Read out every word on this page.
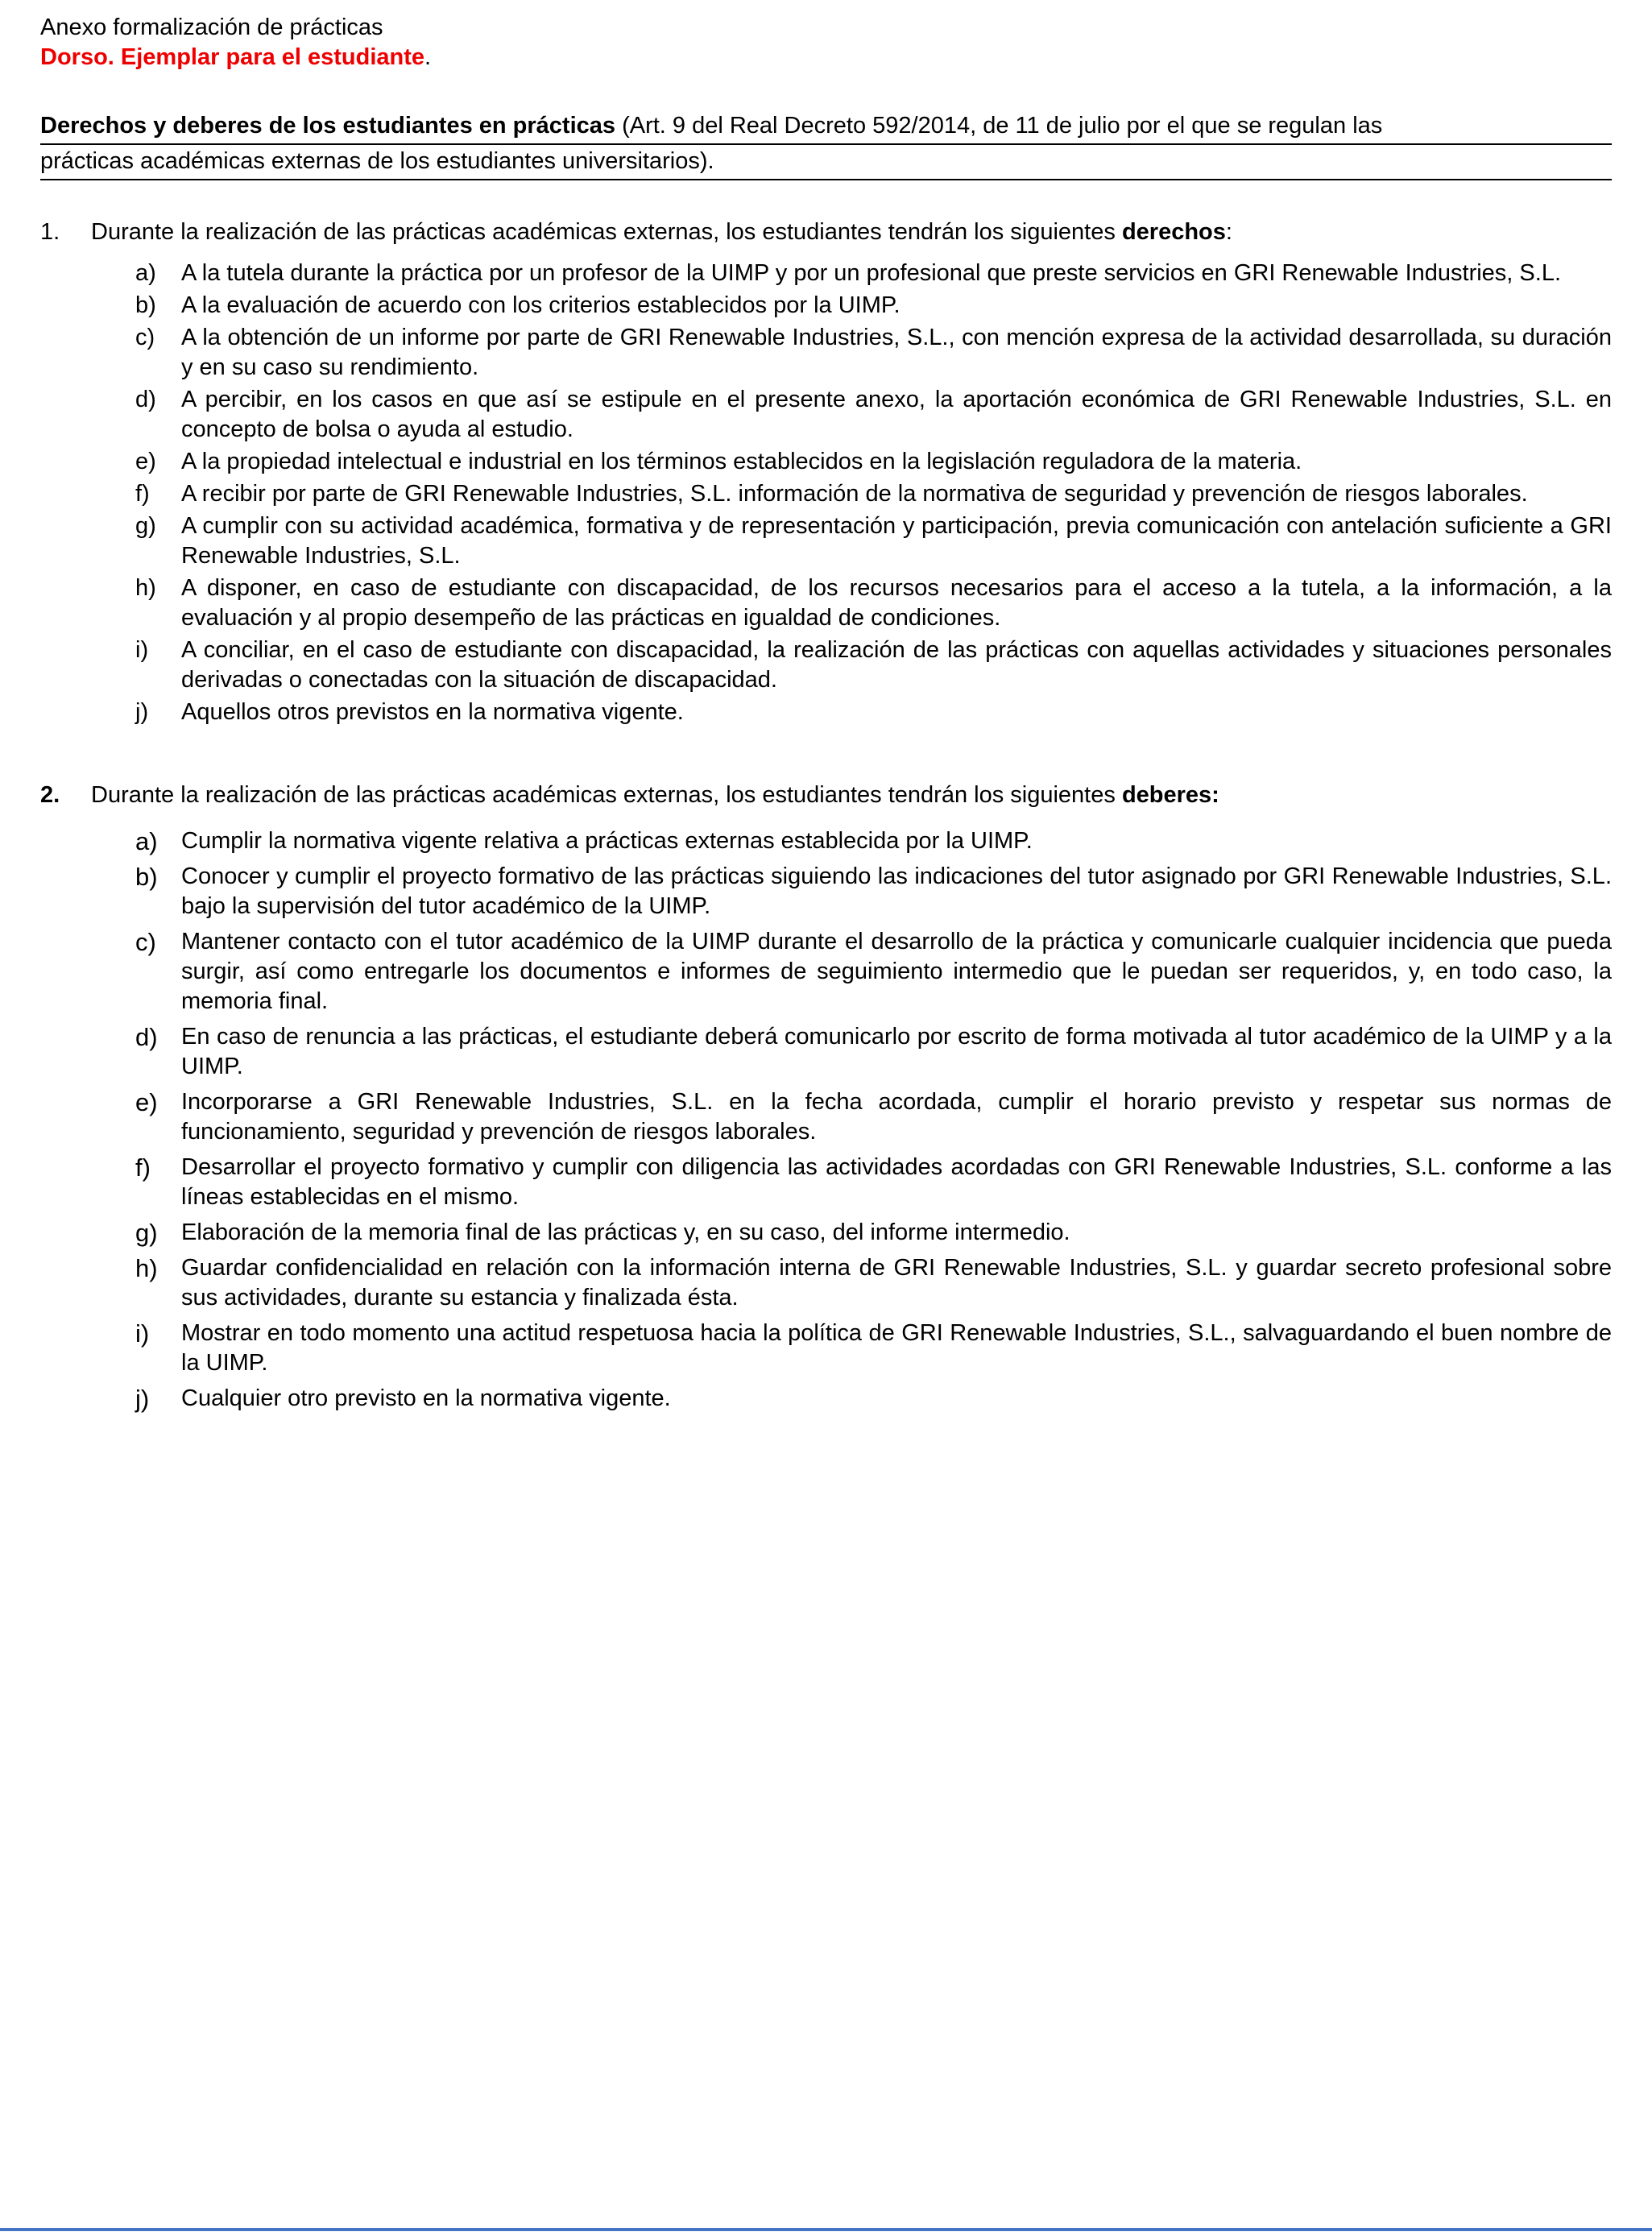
Anexo formalización de prácticas
Dorso. Ejemplar para el estudiante.
Derechos y deberes de los estudiantes en prácticas (Art. 9 del Real Decreto 592/2014, de 11 de julio por el que se regulan las
prácticas académicas externas de los estudiantes universitarios).
1.	Durante la realización de las prácticas académicas externas, los estudiantes tendrán los siguientes derechos:
a)	A la tutela durante la práctica por un profesor de la UIMP y por un profesional que preste servicios en GRI Renewable Industries, S.L.
b)	A la evaluación de acuerdo con los criterios establecidos por la UIMP.
c)	A la obtención de un informe por parte de GRI Renewable Industries, S.L., con mención expresa de la actividad desarrollada, su duración y en su caso su rendimiento.
d)	A percibir, en los casos en que así se estipule en el presente anexo, la aportación económica de GRI Renewable Industries, S.L. en concepto de bolsa o ayuda al estudio.
e)	A la propiedad intelectual e industrial en los términos establecidos en la legislación reguladora de la materia.
f)	A recibir por parte de GRI Renewable Industries, S.L. información de la normativa de seguridad y prevención de riesgos laborales.
g)	A cumplir con su actividad académica, formativa y de representación y participación, previa comunicación con antelación suficiente a GRI Renewable Industries, S.L.
h)	A disponer, en caso de estudiante con discapacidad, de los recursos necesarios para el acceso a la tutela, a la información, a la evaluación y al propio desempeño de las prácticas en igualdad de condiciones.
i)	A conciliar, en el caso de estudiante con discapacidad, la realización de las prácticas con aquellas actividades y situaciones personales derivadas o conectadas con la situación de discapacidad.
j)	Aquellos otros previstos en la normativa vigente.
2.	Durante la realización de las prácticas académicas externas, los estudiantes tendrán los siguientes deberes:
a)	Cumplir la normativa vigente relativa a prácticas externas establecida por la UIMP.
b)	Conocer y cumplir el proyecto formativo de las prácticas siguiendo las indicaciones del tutor asignado por GRI Renewable Industries, S.L. bajo la supervisión del tutor académico de la UIMP.
c)	Mantener contacto con el tutor académico de la UIMP durante el desarrollo de la práctica y comunicarle cualquier incidencia que pueda surgir, así como entregarle los documentos e informes de seguimiento intermedio que le puedan ser requeridos, y, en todo caso, la memoria final.
d)	En caso de renuncia a las prácticas, el estudiante deberá comunicarlo por escrito de forma motivada al tutor académico de la UIMP y a la UIMP.
e)	Incorporarse a GRI Renewable Industries, S.L. en la fecha acordada, cumplir el horario previsto y respetar sus normas de funcionamiento, seguridad y prevención de riesgos laborales.
f)	Desarrollar el proyecto formativo y cumplir con diligencia las actividades acordadas con GRI Renewable Industries, S.L. conforme a las líneas establecidas en el mismo.
g)	Elaboración de la memoria final de las prácticas y, en su caso, del informe intermedio.
h)	Guardar confidencialidad en relación con la información interna de GRI Renewable Industries, S.L. y guardar secreto profesional sobre sus actividades, durante su estancia y finalizada ésta.
i)	Mostrar en todo momento una actitud respetuosa hacia la política de GRI Renewable Industries, S.L., salvaguardando el buen nombre de la UIMP.
j)	Cualquier otro previsto en la normativa vigente.
